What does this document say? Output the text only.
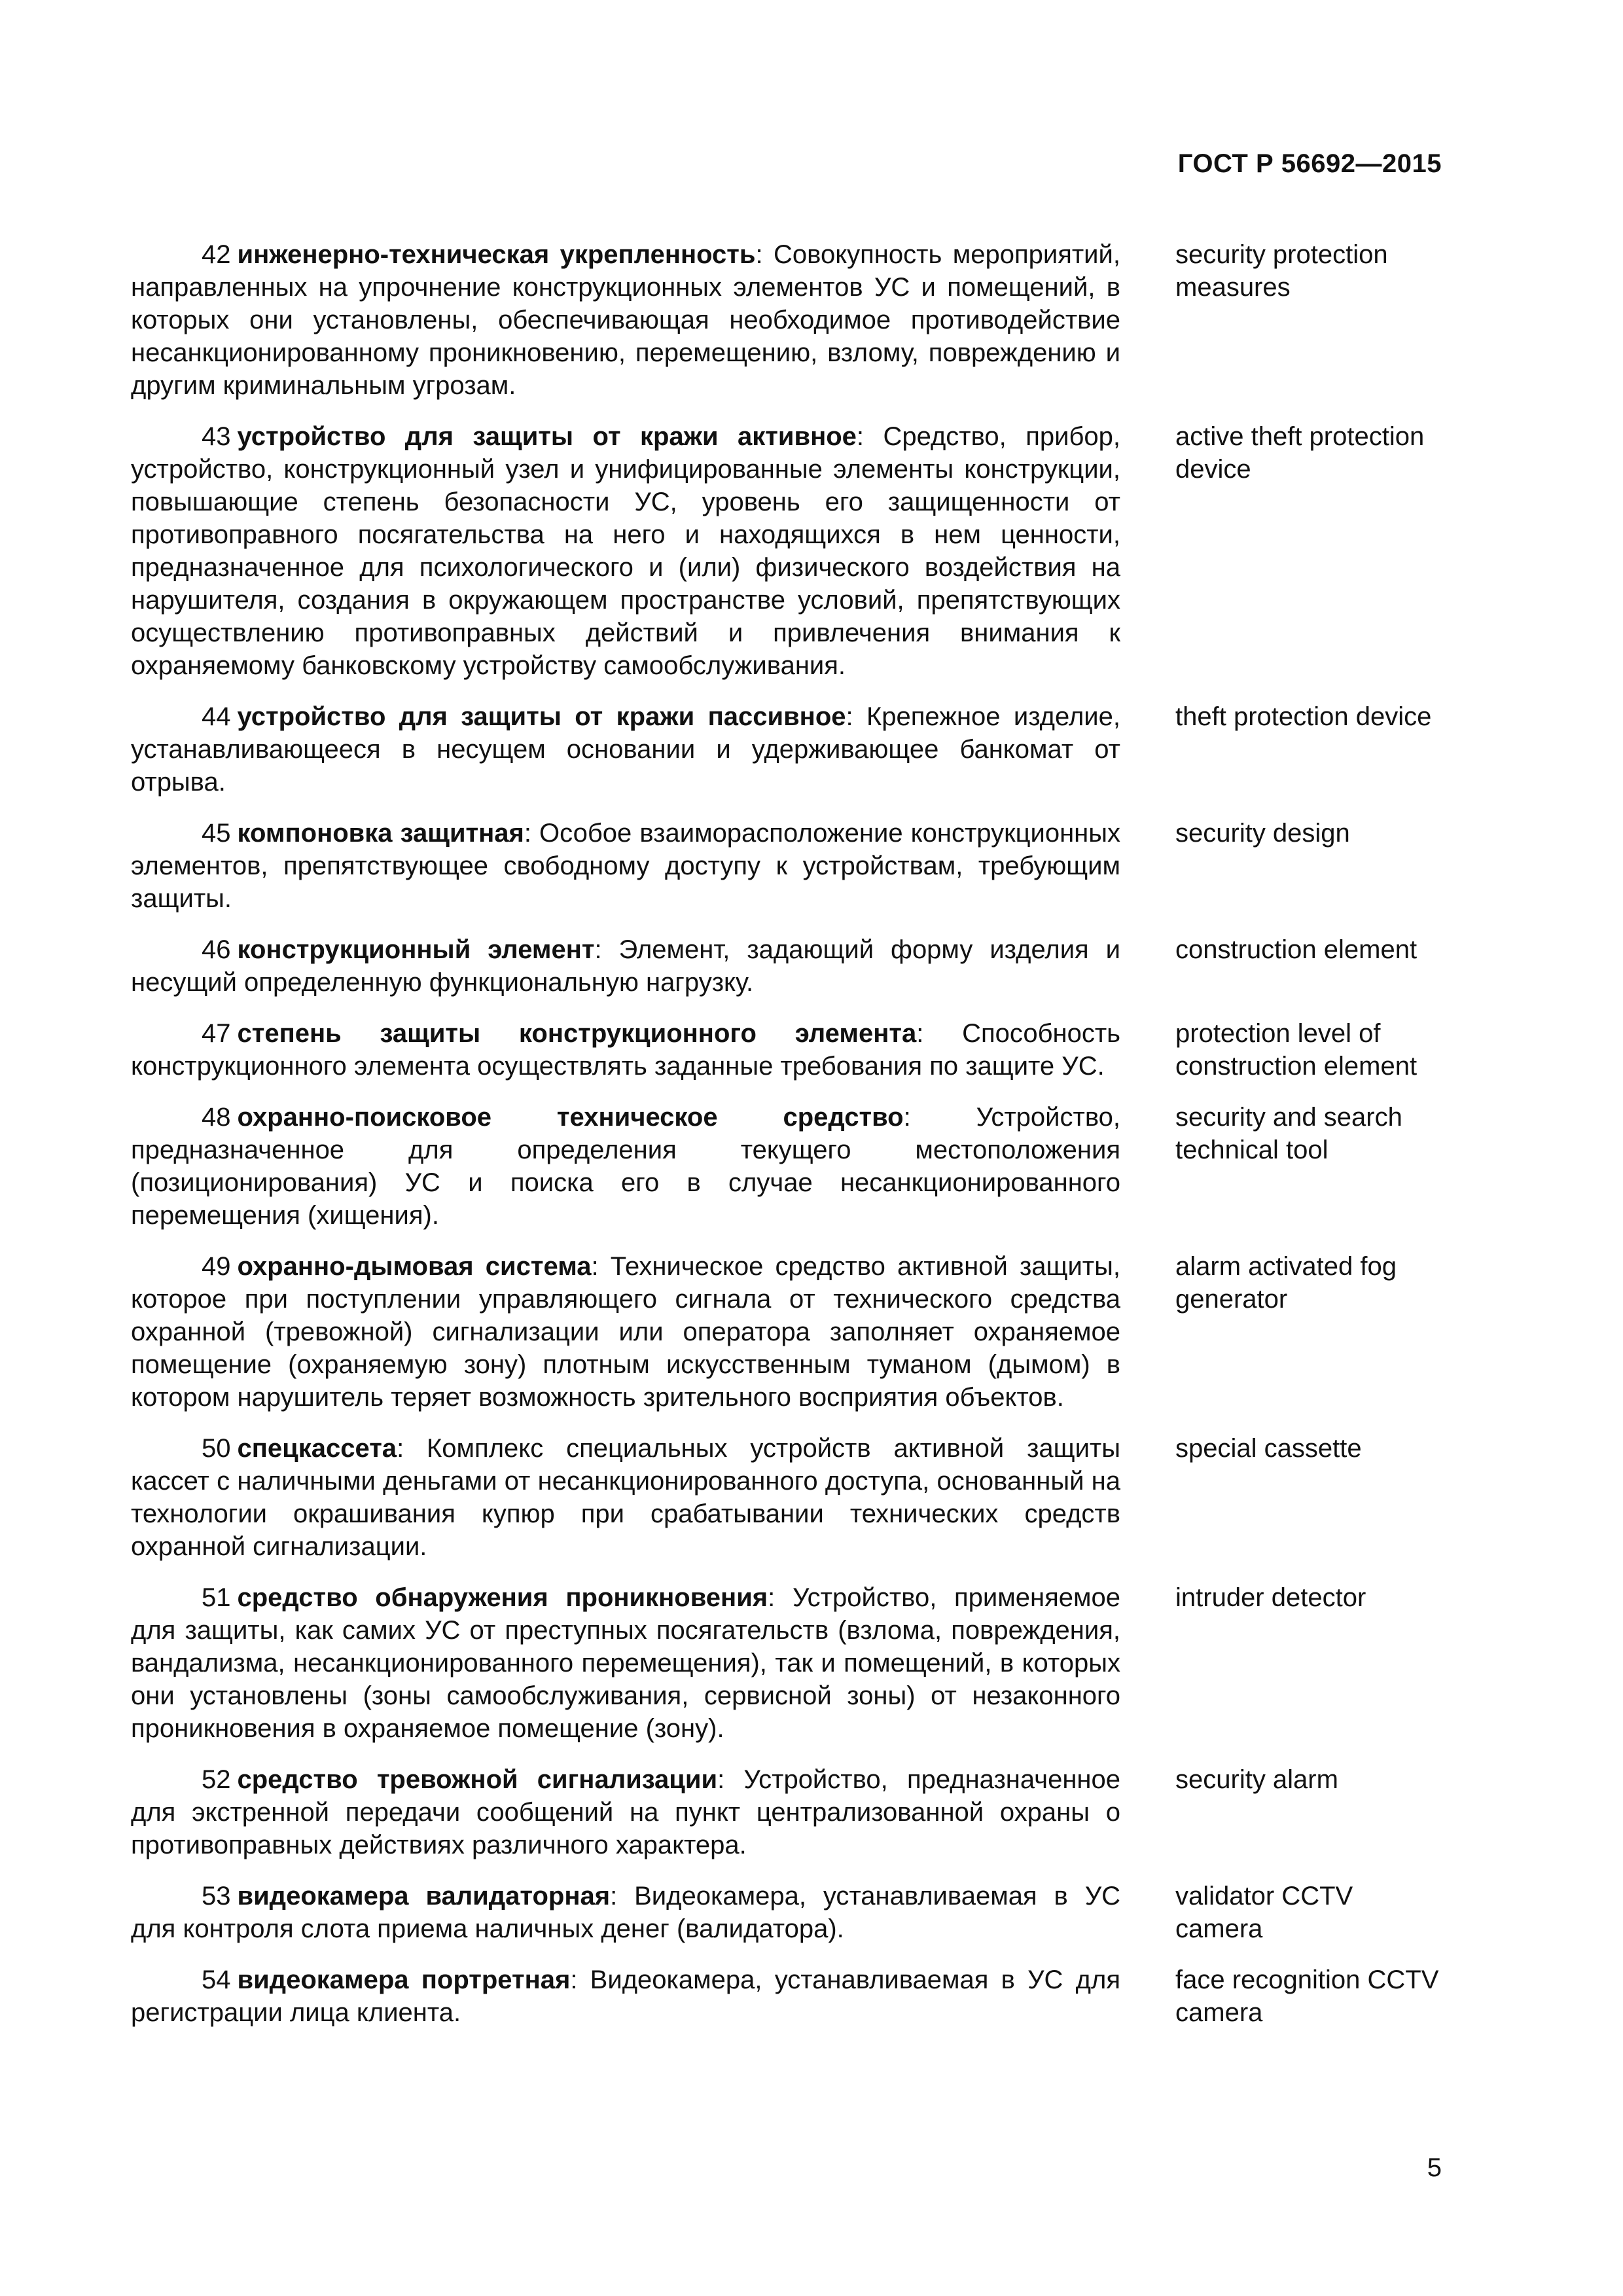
ГОСТ Р 56692—2015
42 инженерно-техническая укрепленность: Совокупность мероприятий, направленных на упрочнение конструкционных элементов УС и помещений, в которых они установлены, обеспечивающая необходимое противодействие несанкционированному проникновению, перемещению, взлому, повреждению и другим криминальным угрозам.
security protection measures
43 устройство для защиты от кражи активное: Средство, прибор, устройство, конструкционный узел и унифицированные элементы конструкции, повышающие степень безопасности УС, уровень его защищенности от противоправного посягательства на него и находящихся в нем ценности, предназначенное для психологического и (или) физического воздействия на нарушителя, создания в окружающем пространстве условий, препятствующих осуществлению противоправных действий и привлечения внимания к охраняемому банковскому устройству самообслуживания.
active theft protection device
44 устройство для защиты от кражи пассивное: Крепежное изделие, устанавливающееся в несущем основании и удерживающее банкомат от отрыва.
theft protection device
45 компоновка защитная: Особое взаиморасположение конструкционных элементов, препятствующее свободному доступу к устройствам, требующим защиты.
security design
46 конструкционный элемент: Элемент, задающий форму изделия и несущий определенную функциональную нагрузку.
construction element
47 степень защиты конструкционного элемента: Способность конструкционного элемента осуществлять заданные требования по защите УС.
protection level of construction element
48 охранно-поисковое техническое средство: Устройство, предназначенное для определения текущего местоположения (позиционирования) УС и поиска его в случае несанкционированного перемещения (хищения).
security and search technical tool
49 охранно-дымовая система: Техническое средство активной защиты, которое при поступлении управляющего сигнала от технического средства охранной (тревожной) сигнализации или оператора заполняет охраняемое помещение (охраняемую зону) плотным искусственным туманом (дымом) в котором нарушитель теряет возможность зрительного восприятия объектов.
alarm activated fog generator
50 спецкассета: Комплекс специальных устройств активной защиты кассет с наличными деньгами от несанкционированного доступа, основанный на технологии окрашивания купюр при срабатывании технических средств охранной сигнализации.
special cassette
51 средство обнаружения проникновения: Устройство, применяемое для защиты, как самих УС от преступных посягательств (взлома, повреждения, вандализма, несанкционированного перемещения), так и помещений, в которых они установлены (зоны самообслуживания, сервисной зоны) от незаконного проникновения в охраняемое помещение (зону).
intruder detector
52 средство тревожной сигнализации: Устройство, предназначенное для экстренной передачи сообщений на пункт централизованной охраны о противоправных действиях различного характера.
security alarm
53 видеокамера валидаторная: Видеокамера, устанавливаемая в УС для контроля слота приема наличных денег (валидатора).
validator CCTV camera
54 видеокамера портретная: Видеокамера, устанавливаемая в УС для регистрации лица клиента.
face recognition CCTV camera
5
